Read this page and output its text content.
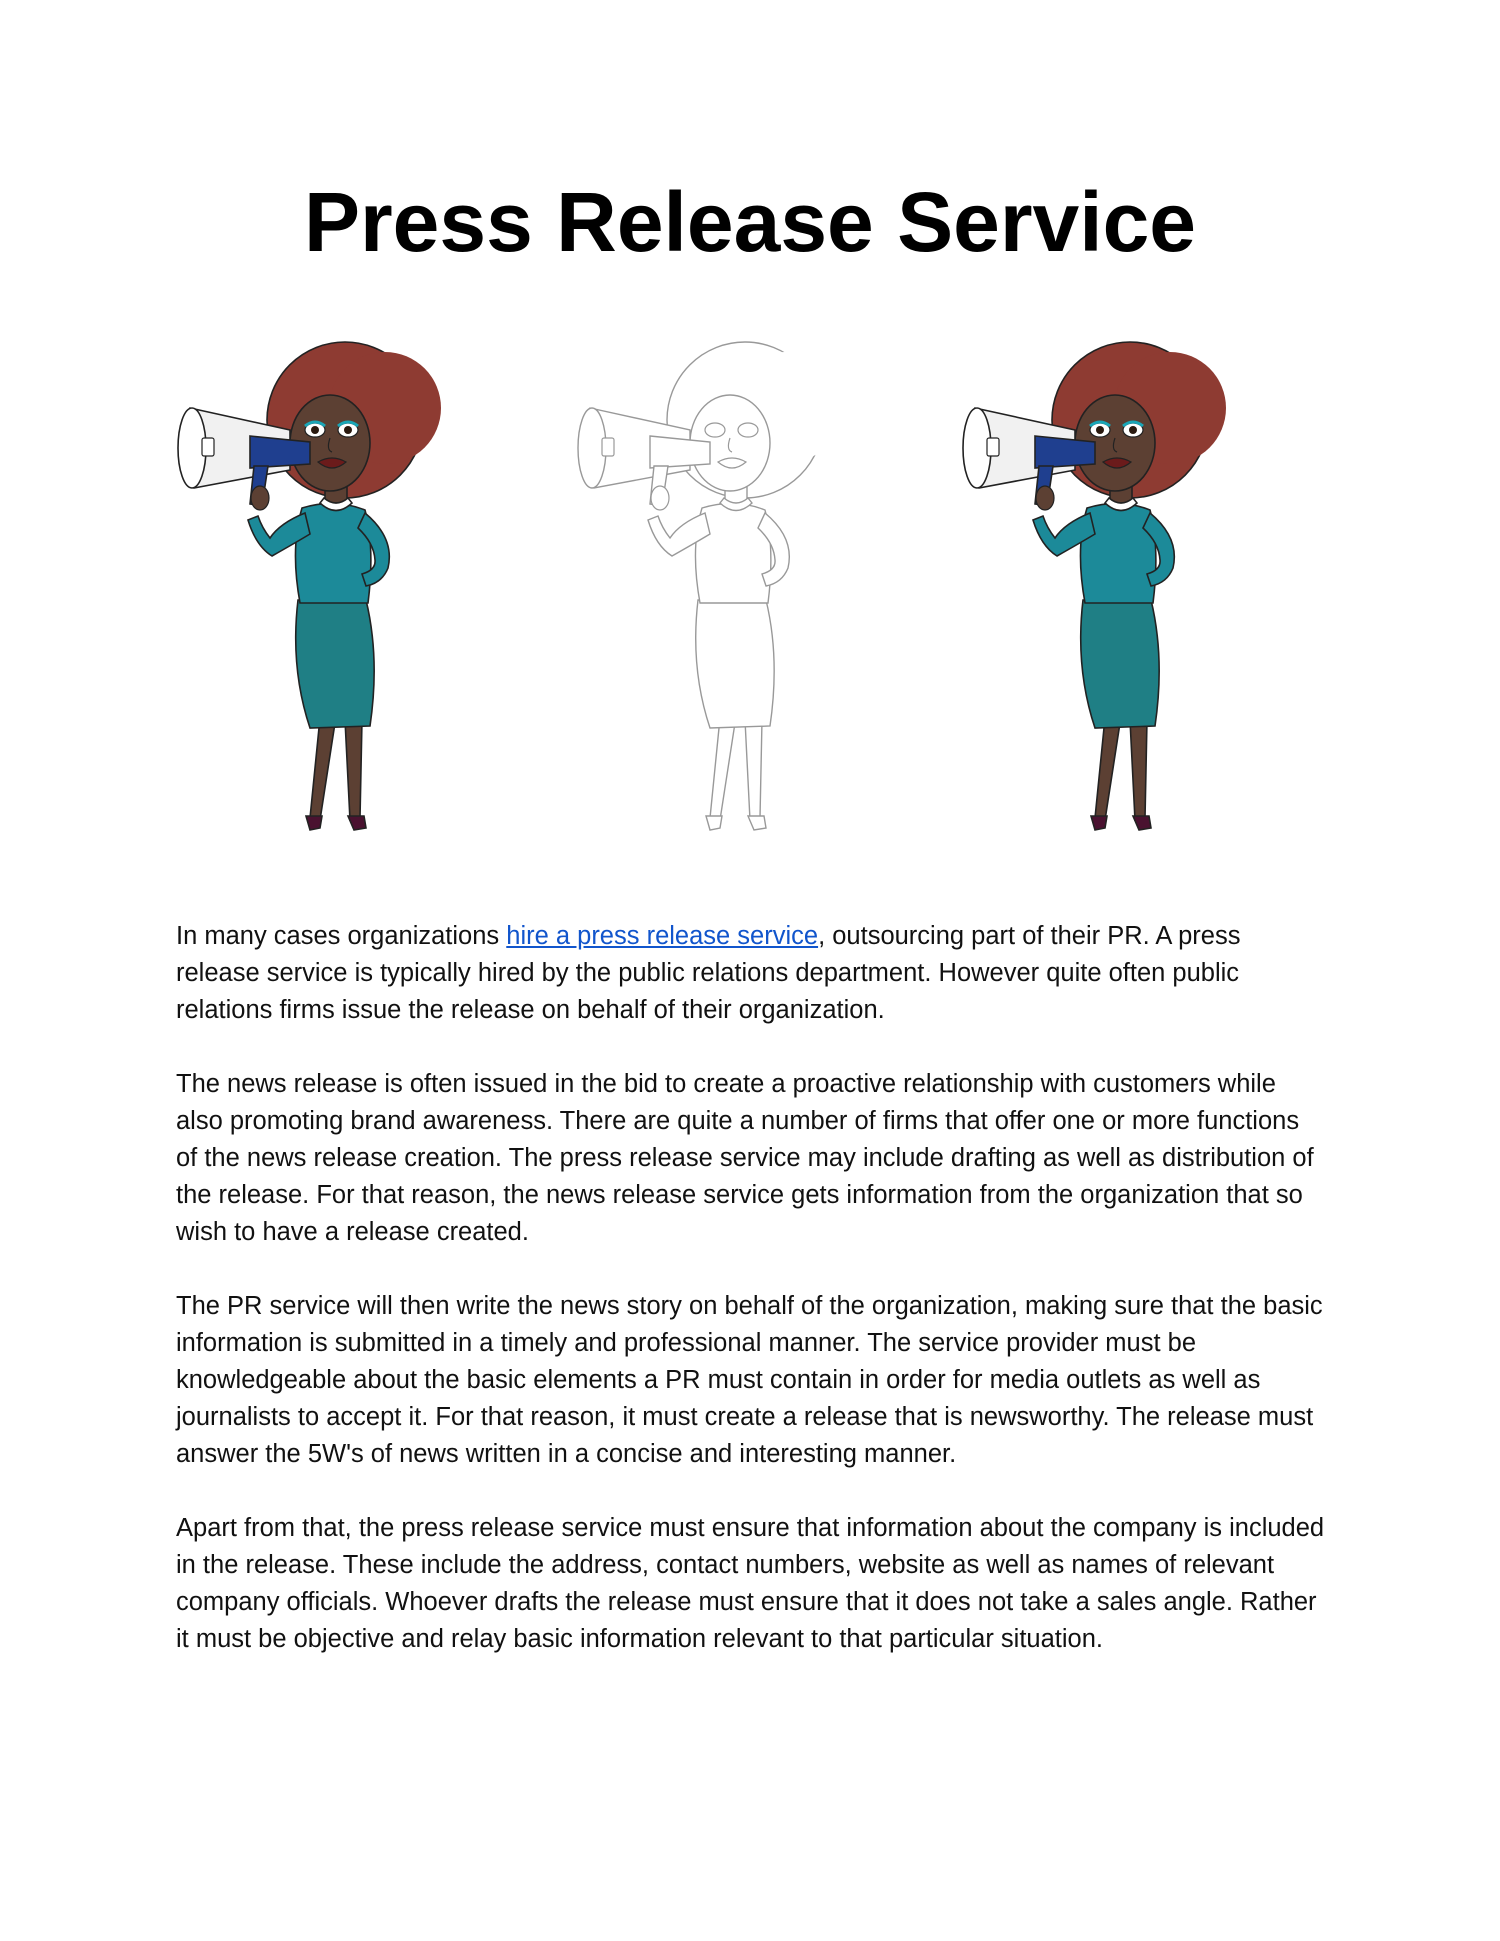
Press Release Service

In many cases organizations hire a press release service, outsourcing part of their PR. A press release service is typically hired by the public relations department. However quite often public relations firms issue the release on behalf of their organization.

The news release is often issued in the bid to create a proactive relationship with customers while also promoting brand awareness. There are quite a number of firms that offer one or more functions of the news release creation. The press release service may include drafting as well as distribution of the release. For that reason, the news release service gets information from the organization that so wish to have a release created.

The PR service will then write the news story on behalf of the organization, making sure that the basic information is submitted in a timely and professional manner. The service provider must be knowledgeable about the basic elements a PR must contain in order for media outlets as well as journalists to accept it. For that reason, it must create a release that is newsworthy. The release must answer the 5W's of news written in a concise and interesting manner.

Apart from that, the press release service must ensure that information about the company is included in the release. These include the address, contact numbers, website as well as names of relevant company officials. Whoever drafts the release must ensure that it does not take a sales angle. Rather it must be objective and relay basic information relevant to that particular situation.
